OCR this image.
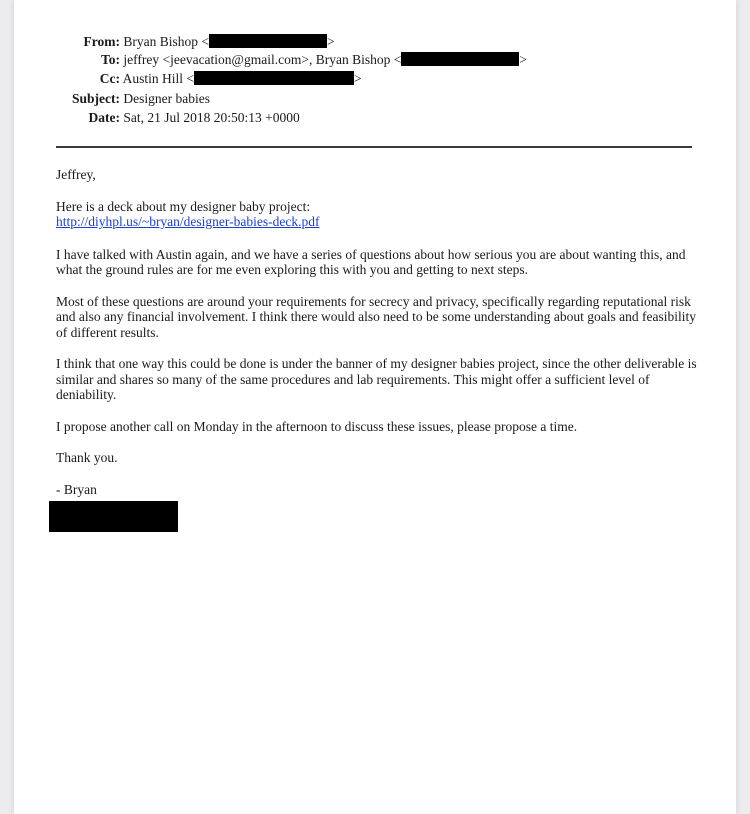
From: Bryan Bishop <	>
To: jeffrey <jeevacation@gmail.com>, Bryan Bishop <	>
Cc: Austin Hill <	>
Subject: Designer babies
Date: Sat, 21 Jul 2018 20:50:13 +0000

Jeffrey,

Here is a deck about my designer baby project:
http://diyhpl.us/~bryan/designer-babies-deck.pdf

I have talked with Austin again, and we have a series of questions about how serious you are about wanting this, and what the ground rules are for me even exploring this with you and getting to next steps.

Most of these questions are around your requirements for secrecy and privacy, specifically regarding reputational risk and also any financial involvement. I think there would also need to be some understanding about goals and feasibility of different results.

I think that one way this could be done is under the banner of my designer babies project, since the other deliverable is similar and shares so many of the same procedures and lab requirements. This might offer a sufficient level of deniability.

I propose another call on Monday in the afternoon to discuss these issues, please propose a time.

Thank you.

- Bryan
